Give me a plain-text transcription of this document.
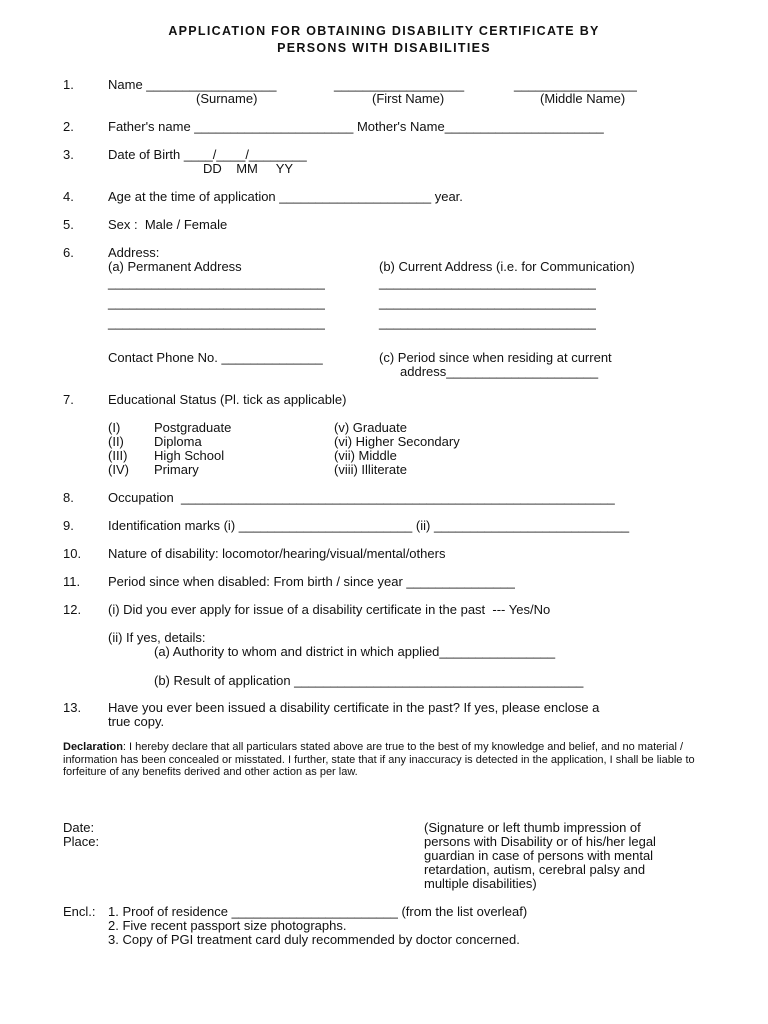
APPLICATION FOR OBTAINING DISABILITY CERTIFICATE BY
PERSONS WITH DISABILITIES
1.	Name __________________	__________________	_________________
(Surname)	(First Name)	(Middle Name)
2.	Father's name ______________________ Mother's Name______________________
3.	Date of Birth ____/____/________
DD    MM     YY
4.	Age at the time of application _____________________ year.
5.	Sex :  Male / Female
6.	Address:
(a) Permanent Address	(b) Current Address (i.e. for Communication)
______________________________	______________________________
______________________________	______________________________
______________________________	______________________________
Contact Phone No. ______________	(c) Period since when residing at current
address_____________________
7.	Educational Status (Pl. tick as applicable)
(I)	Postgraduate	(v) Graduate
(II) Diploma	(vi) Higher Secondary
(III) High School	(vii) Middle
(IV) Primary	(viii) Illiterate
8.	Occupation  ____________________________________________________________
9.	Identification marks (i) ________________________ (ii) ___________________________
10. Nature of disability: locomotor/hearing/visual/mental/others
11. Period since when disabled: From birth / since year _______________
12. (i) Did you ever apply for issue of a disability certificate in the past  --- Yes/No
(ii) If yes, details:
(a) Authority to whom and district in which applied________________
(b) Result of application ________________________________________
13. Have you ever been issued a disability certificate in the past? If yes, please enclose a
true copy.
Declaration: I hereby declare that all particulars stated above are true to the best of my knowledge and belief, and no material / information has been concealed or misstated. I further, state that if any inaccuracy is detected in the application, I shall be liable to forfeiture of any benefits derived and other action as per law.
Date:
Place:
(Signature or left thumb impression of
persons with Disability or of his/her legal
guardian in case of persons with mental
retardation, autism, cerebral palsy and
multiple disabilities)
Encl.: 1. Proof of residence _______________________ (from the list overleaf)
2. Five recent passport size photographs.
3. Copy of PGI treatment card duly recommended by doctor concerned.
